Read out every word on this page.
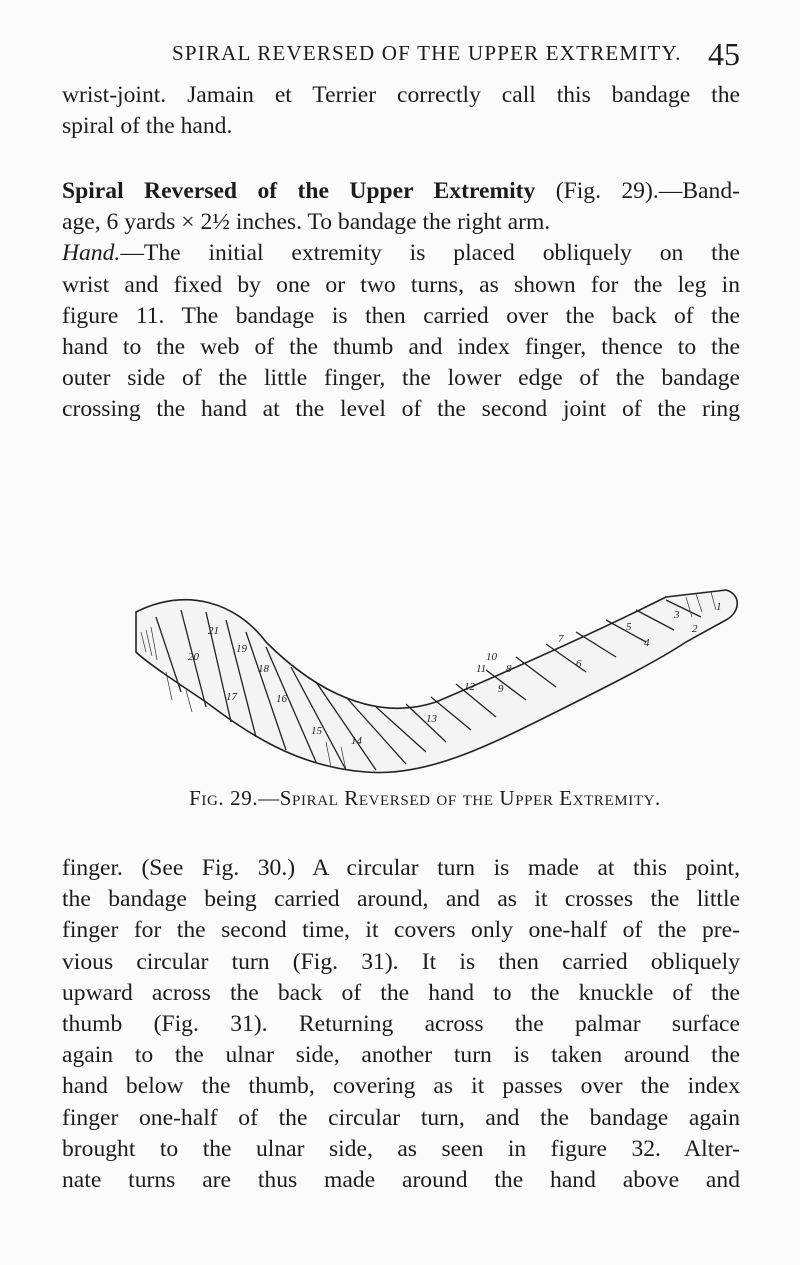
SPIRAL REVERSED OF THE UPPER EXTREMITY. 45
wrist-joint. Jamain et Terrier correctly call this bandage the
spiral of the hand.
Spiral Reversed of the Upper Extremity (Fig. 29).—Band-
age, 6 yards × 2½ inches. To bandage the right arm.
Hand.—The initial extremity is placed obliquely on the
wrist and fixed by one or two turns, as shown for the leg in
figure 11. The bandage is then carried over the back of the
hand to the web of the thumb and index finger, thence to the
outer side of the little finger, the lower edge of the bandage
crossing the hand at the level of the second joint of the ring
21
20
19
18
17	16
15
14
13
12
11
10
9
8
7
6
5
4
3
2
1
Fig. 29.—Spiral Reversed of the Upper Extremity.
finger. (See Fig. 30.) A circular turn is made at this point,
the bandage being carried around, and as it crosses the little
finger for the second time, it covers only one-half of the pre-
vious circular turn (Fig. 31). It is then carried obliquely
upward across the back of the hand to the knuckle of the
thumb (Fig. 31). Returning across the palmar surface
again to the ulnar side, another turn is taken around the
hand below the thumb, covering as it passes over the index
finger one-half of the circular turn, and the bandage again
brought to the ulnar side, as seen in figure 32. Alter-
nate turns are thus made around the hand above and
